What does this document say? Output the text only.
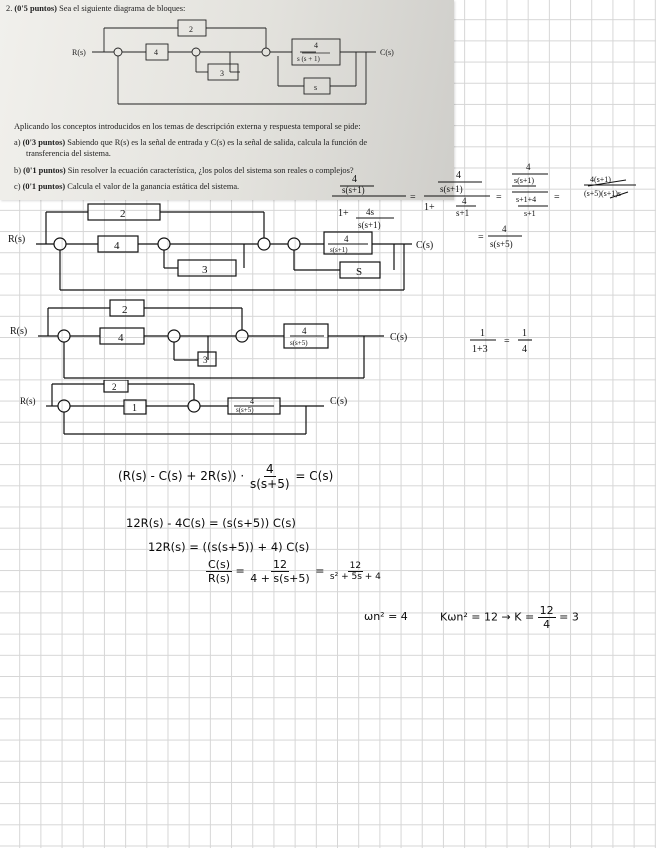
2. (0'5 puntos) Sea el siguiente diagrama de bloques:
R(s)	C(s)
2
4
3
4
s (s + 1)
s
Aplicando los conceptos introducidos en los temas de descripción externa y respuesta temporal se pide:
a) (0'3 puntos) Sabiendo que R(s) es la señal de entrada y C(s) es la señal de salida, calcula la función de
transferencia del sistema.
b) (0'1 puntos) Sin resolver la ecuación característica, ¿los polos del sistema son reales o complejos?
c) (0'1 puntos) Calcula el valor de la ganancia estática del sistema.
4
s(s+1)
1+ 4s
s(s+1)
=
4
s(s+1)
1+
4
s+1
=
4
s(s+1)
s+1+4
s+1
=
4(s+1)
(s+5)(s+1)s
=
4
s(s+5)
R(s)
C(s)
2
4
3
4
s(s+1)
S
1
1+3
=
1
4
R(s)
C(s)
2
4
3
4
s(s+5)
R(s)	C(s)
2
1
4
s(s+5)
$(R(s) - C(s) + 2R(s)) \cdot \frac{4}{s(s+5)} = C(s)$
12R(s) - 4C(s) = (s(s+5)) C(s)
12R(s) = ((s(s+5)) + 4) C(s)
$\frac{C(s)}{R(s)} = \frac{12}{4 + s(s+5)} = \frac{12}{\text{s² + 5s + 4}}$
ωn² = 4	$K\omega n^2 = 12 \to K = \frac{12}{4} = 3$
